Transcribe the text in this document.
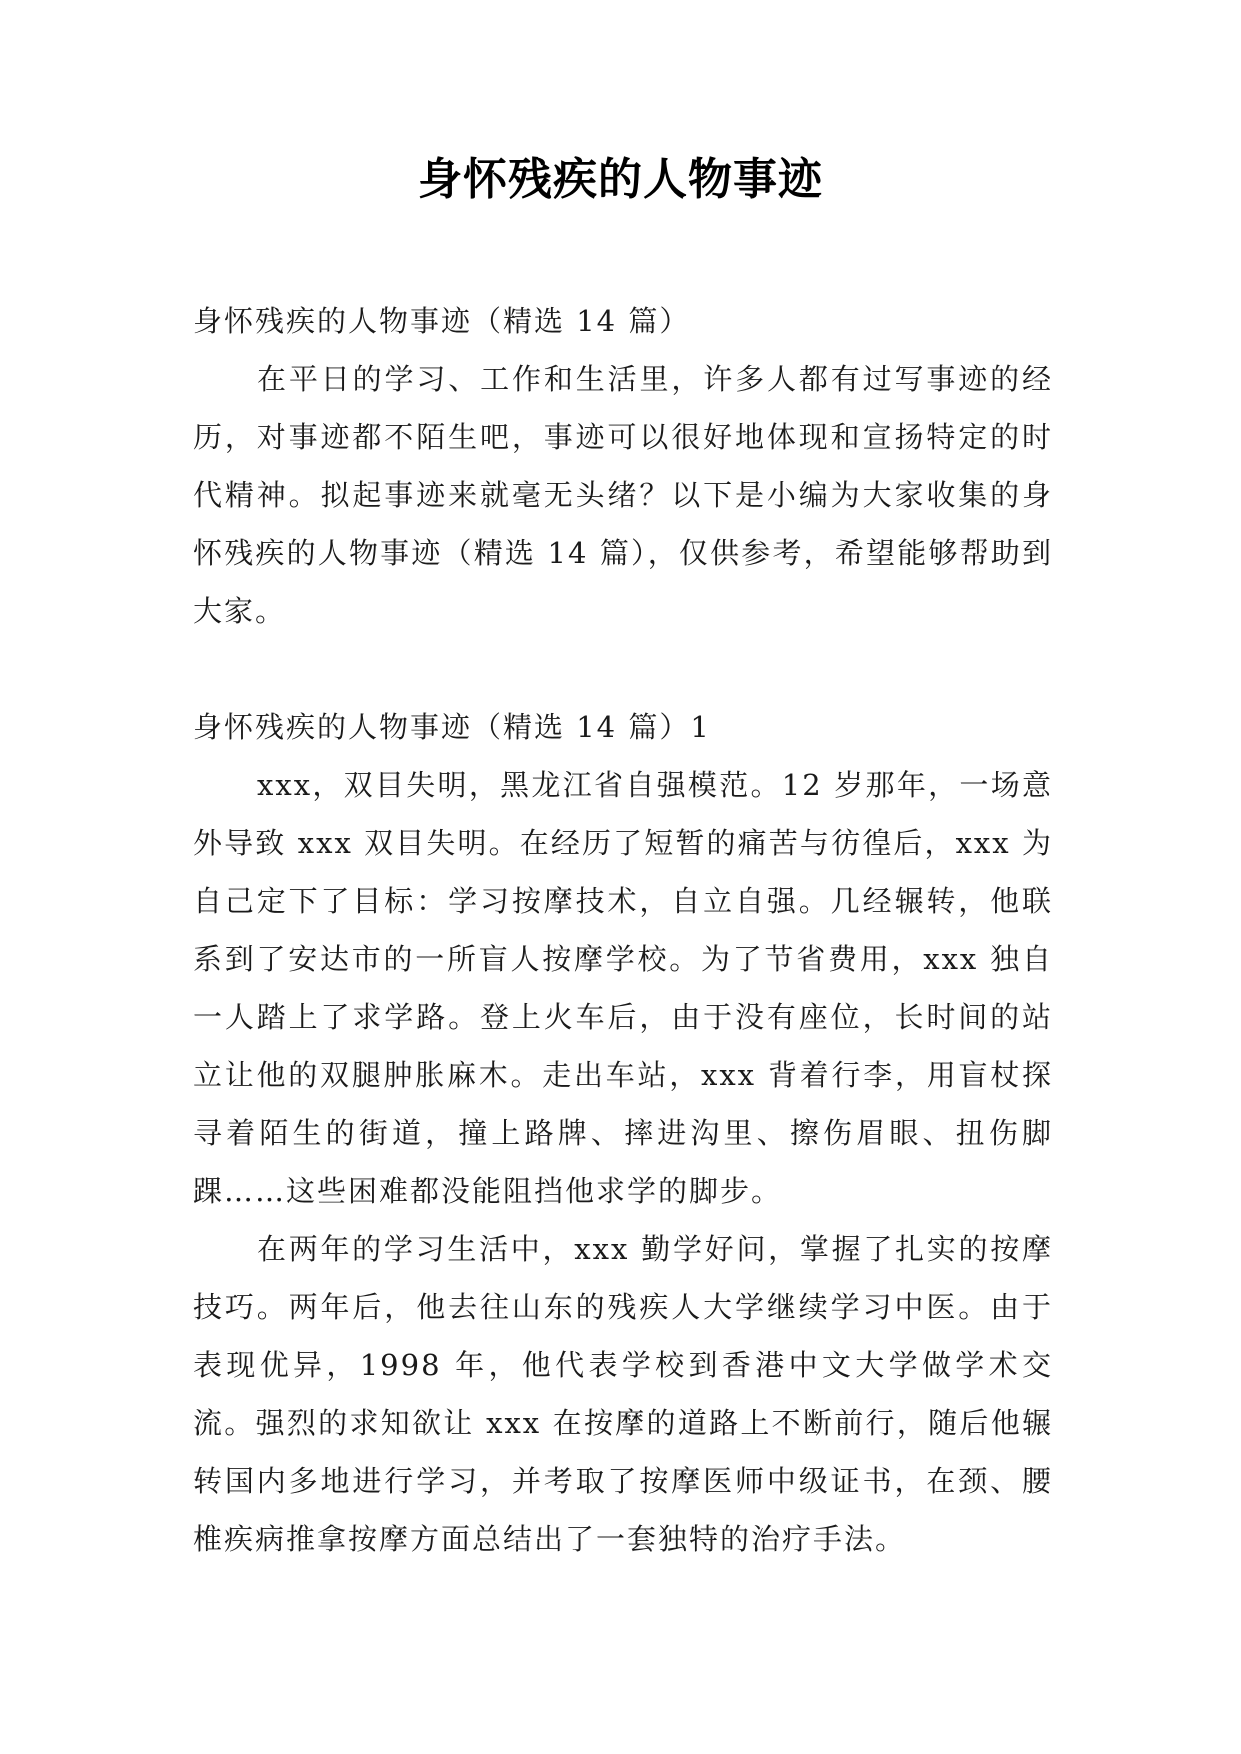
身怀残疾的人物事迹

身怀残疾的人物事迹（精选 14 篇）

在平日的学习、工作和生活里，许多人都有过写事迹的经历，对事迹都不陌生吧，事迹可以很好地体现和宣扬特定的时代精神。拟起事迹来就毫无头绪？以下是小编为大家收集的身怀残疾的人物事迹（精选 14 篇），仅供参考，希望能够帮助到大家。

身怀残疾的人物事迹（精选 14 篇）1

xxx，双目失明，黑龙江省自强模范。12 岁那年，一场意外导致 xxx 双目失明。在经历了短暂的痛苦与彷徨后，xxx 为自己定下了目标：学习按摩技术，自立自强。几经辗转，他联系到了安达市的一所盲人按摩学校。为了节省费用，xxx 独自一人踏上了求学路。登上火车后，由于没有座位，长时间的站立让他的双腿肿胀麻木。走出车站，xxx 背着行李，用盲杖探寻着陌生的街道，撞上路牌、摔进沟里、擦伤眉眼、扭伤脚踝……这些困难都没能阻挡他求学的脚步。

在两年的学习生活中，xxx 勤学好问，掌握了扎实的按摩技巧。两年后，他去往山东的残疾人大学继续学习中医。由于表现优异，1998 年，他代表学校到香港中文大学做学术交流。强烈的求知欲让 xxx 在按摩的道路上不断前行，随后他辗转国内多地进行学习，并考取了按摩医师中级证书，在颈、腰椎疾病推拿按摩方面总结出了一套独特的治疗手法。
